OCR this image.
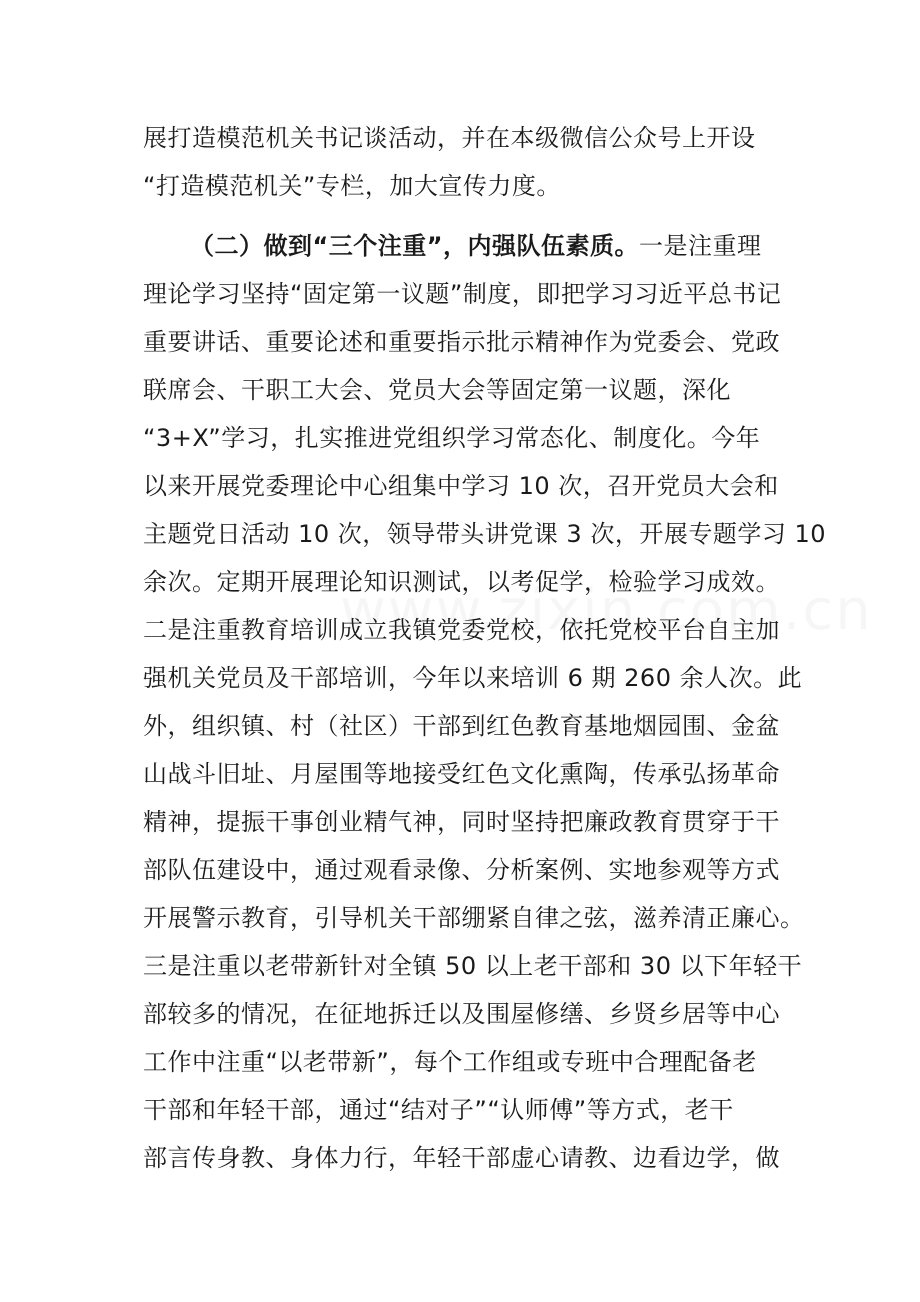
展打造模范机关书记谈活动，并在本级微信公众号上开设
“打造模范机关”专栏，加大宣传力度。
（二）做到“三个注重”，内强队伍素质。一是注重理
理论学习坚持“固定第一议题”制度，即把学习习近平总书记
重要讲话、重要论述和重要指示批示精神作为党委会、党政
联席会、干职工大会、党员大会等固定第一议题，深化
“3+X”学习，扎实推进党组织学习常态化、制度化。今年
以来开展党委理论中心组集中学习 10 次，召开党员大会和
主题党日活动 10 次，领导带头讲党课 3 次，开展专题学习 10
余次。定期开展理论知识测试，以考促学，检验学习成效。
二是注重教育培训成立我镇党委党校，依托党校平台自主加
强机关党员及干部培训，今年以来培训 6 期 260 余人次。此
外，组织镇、村（社区）干部到红色教育基地烟园围、金盆
山战斗旧址、月屋围等地接受红色文化熏陶，传承弘扬革命
精神，提振干事创业精气神，同时坚持把廉政教育贯穿于干
部队伍建设中，通过观看录像、分析案例、实地参观等方式
开展警示教育，引导机关干部绷紧自律之弦，滋养清正廉心。
三是注重以老带新针对全镇 50 以上老干部和 30 以下年轻干
部较多的情况，在征地拆迁以及围屋修缮、乡贤乡居等中心
工作中注重“以老带新”，每个工作组或专班中合理配备老
干部和年轻干部，通过“结对子”“认师傅”等方式，老干
部言传身教、身体力行，年轻干部虚心请教、边看边学，做
